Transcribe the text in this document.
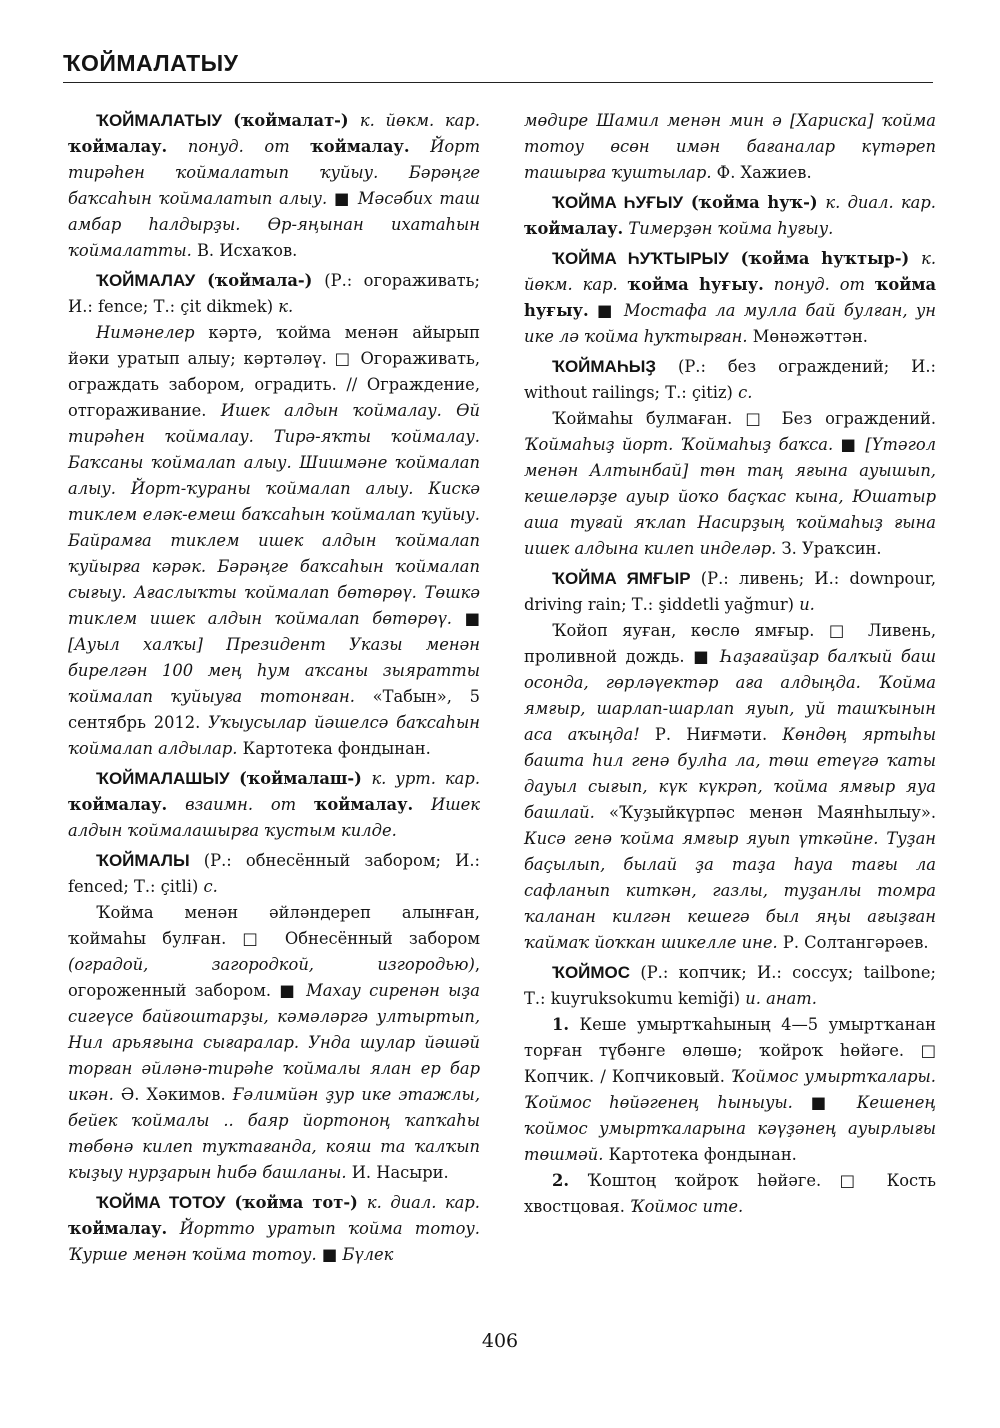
ҠОЙМАЛАТЫУ

ҠОЙМАЛАТЫУ (ҡоймалат-) к. йөкм. кар. ҡоймалау. понуд. от ҡоймалау. Йорт тирәһен ҡоймалатып ҡуйыу. Бәрәңге баҡсаһын ҡоймалатып алыу. ■ Мәсәбих таш амбар һалдырҙы. Өр-яңынан ихатаһын ҡоймалатты. В. Исхаҡов.

ҠОЙМАЛАУ (ҡоймала-) (Р.: огораживать; И.: fence; Т.: çit dikmek) к.

Нимәнелер кәртә, ҡойма менән айырып йәки уратып алыу; кәртәләү. □ Огораживать, ограждать забором, оградить. // Ограждение, отгораживание. Ишек алдын ҡоймалау. Өй тирәһен ҡоймалау. Тирә-яҡты ҡоймалау. Баҡсаны ҡоймалап алыу. Шишмәне ҡоймалап алыу. Йорт-ҡураны ҡоймалап алыу. Кискә тиклем еләк-емеш баҡсаһын ҡоймалап ҡуйыу. Байрамға тиклем ишек алдын ҡоймалап ҡуйырға кәрәк. Бәрәңге баҡсаһын ҡоймалап сығыу. Ағаслыҡты ҡоймалап бөтөрөү. Төшкә тиклем ишек алдын ҡоймалап бөтөрөү. ■ [Ауыл халҡы] Президент Указы менән бирелгән 100 мең һум аҡсаны зыяратты ҡоймалап ҡуйыуға тотонған. «Табын», 5 сентябрь 2012. Уҡыусылар йәшелсә баҡсаһын ҡоймалап алдылар. Картотека фондынан.

ҠОЙМАЛАШЫУ (ҡоймалаш-) к. урт. кар. ҡоймалау. взаимн. от ҡоймалау. Ишек алдын ҡоймалашырға ҡустым килде.

ҠОЙМАЛЫ (Р.: обнесённый забором; И.: fenced; Т.: çitli) с.

Ҡойма менән әйләндереп алынған, ҡоймаһы булған. □ Обнесённый забором (оградой, загородкой, изгородью), огороженный забором. ■ Махау сиренән ыҙа сигеүсе байғоштарҙы, кәмәләргә ултыртып, Нил арьяғына сығаралар. Унда шулар йәшәй торған әйләнә-тирәһе ҡоймалы ялан ер бар икән. Ә. Хәкимов. Ғәлимйән ҙур ике этажлы, бейек ҡоймалы .. баяр йортоноң ҡапҡаһы төбөнә килеп туҡтағанда, кояш та ҡалҡып кыҙыу нурҙарын һибә башланы. И. Насыри.

ҠОЙМА ТОТОУ (ҡойма тот-) к. диал. кар. ҡоймалау. Йортто уратып ҡойма тотоу. Ҡурше менән ҡойма тотоу. ■ Бүлек

мөдире Шамил менән мин ә [Хариска] ҡойма тотоу өсөн имән бағаналар күтәреп ташырға ҡуштылар. Ф. Хажиев.

ҠОЙМА ҺУҒЫУ (ҡойма һуҡ-) к. диал. кар. ҡоймалау. Тимерҙән ҡойма һуғыу.

ҠОЙМА ҺУҠТЫРЫУ (ҡойма һуҡтыр-) к. йөкм. кар. ҡойма һуғыу. понуд. от ҡойма һуғыу. ■ Мостафа ла мулла бай булған, ун ике лә ҡойма һуҡтырған. Мөнәжәттән.

ҠОЙМАҺЫҘ (Р.: без ограждений; И.: without railings; Т.: çitiz) с.

Ҡоймаһы булмаған. □ Без ограждений. Ҡоймаһыҙ йорт. Ҡоймаһыҙ баҡса. ■ [Үтәгол менән Алтынбай] төн таң яғына ауышып, кешеләрҙе ауыр йоҡо баҫҡас кына, Юшатыр аша туғай яҡлап Насирҙың ҡоймаһыҙ ғына ишек алдына килеп инделәр. З. Ураҡсин.

ҠОЙМА ЯМҒЫР (Р.: ливень; И.: downpour, driving rain; Т.: şiddetli yağmur) и.

Ҡойоп яуған, көслө ямғыр. □ Ливень, проливной дождь. ■ Һаҙағайҙар балҡый баш осонда, гөрләүектәр аға алдыңда. Ҡойма ямғыр, шарлап-шарлап яуып, уй ташҡынын аса аҡыңда! Р. Ниғмәти. Көндөң яртыһы башта һил генә булһа ла, төш етеүгә ҡаты дауыл сығып, күк күкрәп, ҡойма ямғыр яуа башлай. «Ҡуҙыйкүрпәс менән Маянһылыу». Кисә генә ҡойма ямғыр яуып үткәйне. Туҙан баҫылып, былай ҙа таҙа һауа тағы ла сафланып киткән, газлы, туҙанлы томра ҡаланан килгән кешегә был яңы ағыҙған ҡаймаҡ йоҡкан шикелле ине. Р. Солтангәрәев.

ҠОЙМОС (Р.: копчик; И.: coccyx; tailbone; Т.: kuyruksokumu kemiği) и. анат.

1. Кеше умыртҡаһының 4—5 умыртҡанан торған түбәнге өлөшө; ҡойроҡ һөйәге. □ Копчик. / Копчиковый. Ҡоймос умыртҡалары. Ҡоймос һөйәгенең һыныуы. ■ Кешенең ҡоймос умыртҡаларына кәүҙәнең ауырлығы төшмәй. Картотека фондынан.

2. Ҡоштоң ҡойроҡ һөйәге. □ Кость хвостцовая. Ҡоймос ите.

406
